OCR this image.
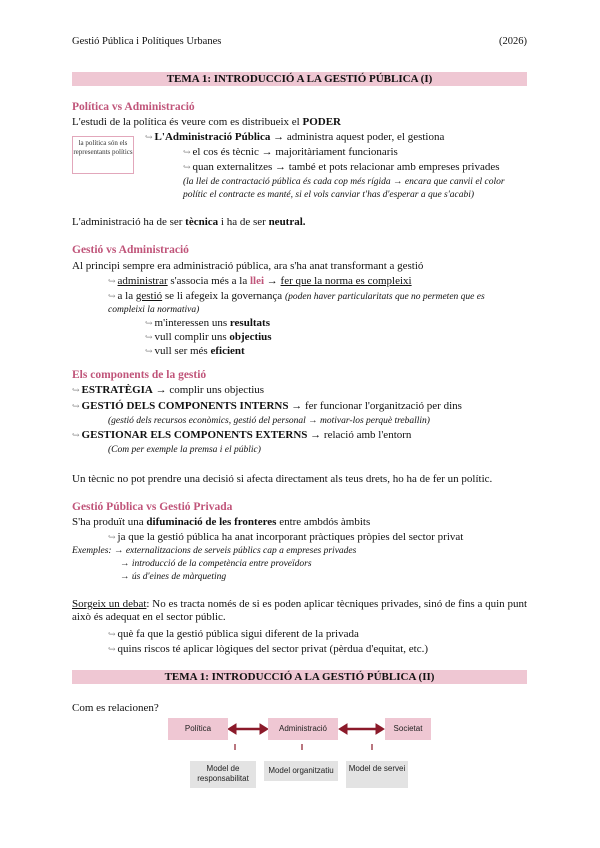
Gestió Pública i Polítiques Urbanes	(2026)
TEMA 1: INTRODUCCIÓ A LA GESTIÓ PÚBLICA (I)
Política vs Administració
L'estudi de la política és veure com es distribueix el PODER
la política són els representants polítics
↪ L'Administració Pública → administra aquest poder, el gestiona
↪ el cos és tècnic → majoritàriament funcionaris
↪ quan externalitzes → també et pots relacionar amb empreses privades
(la llei de contractació pública és cada cop més rígida → encara que canvii el color
polític el contracte es manté, si el vols canviar t'has d'esperar a que s'acabi)
L'administració ha de ser tècnica i ha de ser neutral.
Gestió vs Administració
Al principi sempre era administració pública, ara s'ha anat transformant a gestió
↪ administrar s'associa més a la llei → fer que la norma es compleixi
↪ a la gestió se li afegeix la governança (poden haver particularitats que no permeten que es
compleixi la normativa)
↪ m'interessen uns resultats
↪ vull complir uns objectius
↪ vull ser més eficient
Els components de la gestió
↪ ESTRATÈGIA → complir uns objectius
↪ GESTIÓ DELS COMPONENTS INTERNS → fer funcionar l'organització per dins
(gestió dels recursos econòmics, gestió del personal → motivar-los perquè treballin)
↪ GESTIONAR ELS COMPONENTS EXTERNS → relació amb l'entorn
(Com per exemple la premsa i el públic)
Un tècnic no pot prendre una decisió si afecta directament als teus drets, ho ha de fer un polític.
Gestió Pública vs Gestió Privada
S'ha produït una difuminació de les fronteres entre ambdós àmbits
↪ ja que la gestió pública ha anat incorporant pràctiques pròpies del sector privat
Exemples: → externalitzacions de serveis públics cap a empreses privades
→ introducció de la competència entre proveïdors
→ ús d'eines de màrqueting
Sorgeix un debat: No es tracta només de si es poden aplicar tècniques privades, sinó de fins a quin punt això és adequat en el sector públic.
↪ què fa que la gestió pública sigui diferent de la privada
↪ quins riscos té aplicar lògiques del sector privat (pèrdua d'equitat, etc.)
TEMA 1: INTRODUCCIÓ A LA GESTIÓ PÚBLICA (II)
Com es relacionen?
Política	Administració	Societat
Model de responsabilitat
Model organitzatiu	Model de servei
